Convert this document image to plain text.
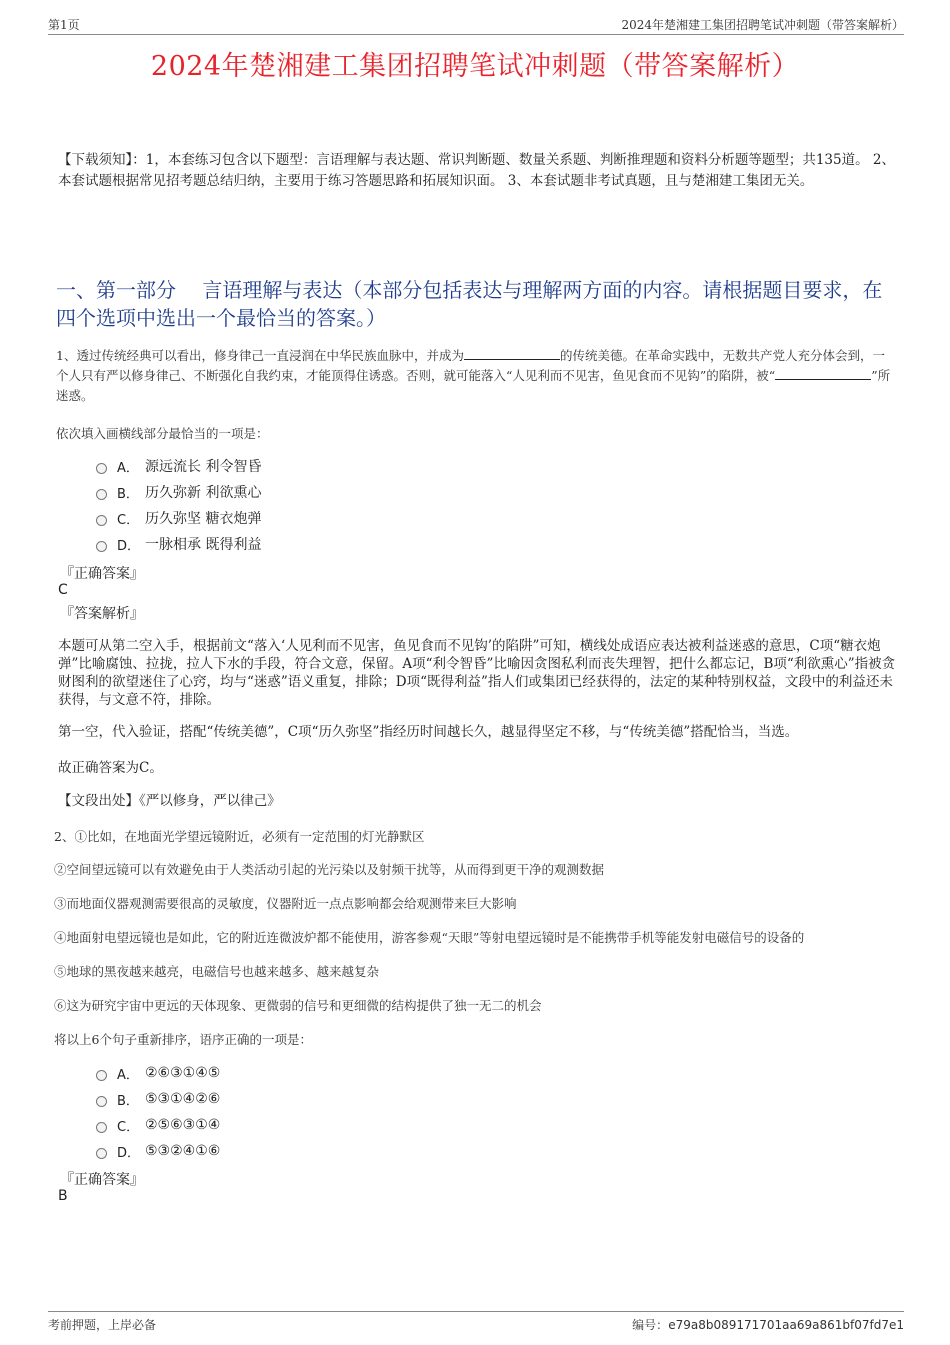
第1页	2024年楚湘建工集团招聘笔试冲刺题（带答案解析）
2024年楚湘建工集团招聘笔试冲刺题（带答案解析）
【下载须知】：1，本套练习包含以下题型：言语理解与表达题、常识判断题、数量关系题、判断推理题和资料分析题等题型；共135道。 2、本套试题根据常见招考题总结归纳，主要用于练习答题思路和拓展知识面。 3、本套试题非考试真题，且与楚湘建工集团无关。
一、第一部分　 言语理解与表达（本部分包括表达与理解两方面的内容。请根据题目要求，在四个选项中选出一个最恰当的答案。）
1、透过传统经典可以看出，修身律己一直浸润在中华民族血脉中，并成为	的传统美德。在革命实践中，无数共产党人充分体会到，一个人只有严以修身律己、不断强化自我约束，才能顶得住诱惑。否则，就可能落入“人见利而不见害，鱼见食而不见钩”的陷阱，被“	”所迷惑。
依次填入画横线部分最恰当的一项是：
A． 源远流长 利令智昏
B． 历久弥新 利欲熏心
C． 历久弥坚 糖衣炮弹
D． 一脉相承 既得利益
『正确答案』
C
『答案解析』
本题可从第二空入手，根据前文“落入‘人见利而不见害，鱼见食而不见钩’的陷阱”可知，横线处成语应表达被利益迷惑的意思，C项“糖衣炮弹”比喻腐蚀、拉拢，拉人下水的手段，符合文意，保留。A项“利令智昏”比喻因贪图私利而丧失理智，把什么都忘记，B项“利欲熏心”指被贪财图利的欲望迷住了心窍，均与“迷惑”语义重复，排除；D项“既得利益”指人们或集团已经获得的，法定的某种特别权益，文段中的利益还未获得，与文意不符，排除。
第一空，代入验证，搭配“传统美德”，C项“历久弥坚”指经历时间越长久，越显得坚定不移，与“传统美德”搭配恰当，当选。
故正确答案为C。
【文段出处】《严以修身，严以律己》
2、①比如，在地面光学望远镜附近，必须有一定范围的灯光静默区
②空间望远镜可以有效避免由于人类活动引起的光污染以及射频干扰等，从而得到更干净的观测数据
③而地面仪器观测需要很高的灵敏度，仪器附近一点点影响都会给观测带来巨大影响
④地面射电望远镜也是如此，它的附近连微波炉都不能使用，游客参观“天眼”等射电望远镜时是不能携带手机等能发射电磁信号的设备的
⑤地球的黑夜越来越亮，电磁信号也越来越多、越来越复杂
⑥这为研究宇宙中更远的天体现象、更微弱的信号和更细微的结构提供了独一无二的机会
将以上6个句子重新排序，语序正确的一项是：
A． ②⑥③①④⑤
B． ⑤③①④②⑥
C． ②⑤⑥③①④
D． ⑤③②④①⑥
『正确答案』
B
考前押题，上岸必备	编号：e79a8b089171701aa69a861bf07fd7e1
